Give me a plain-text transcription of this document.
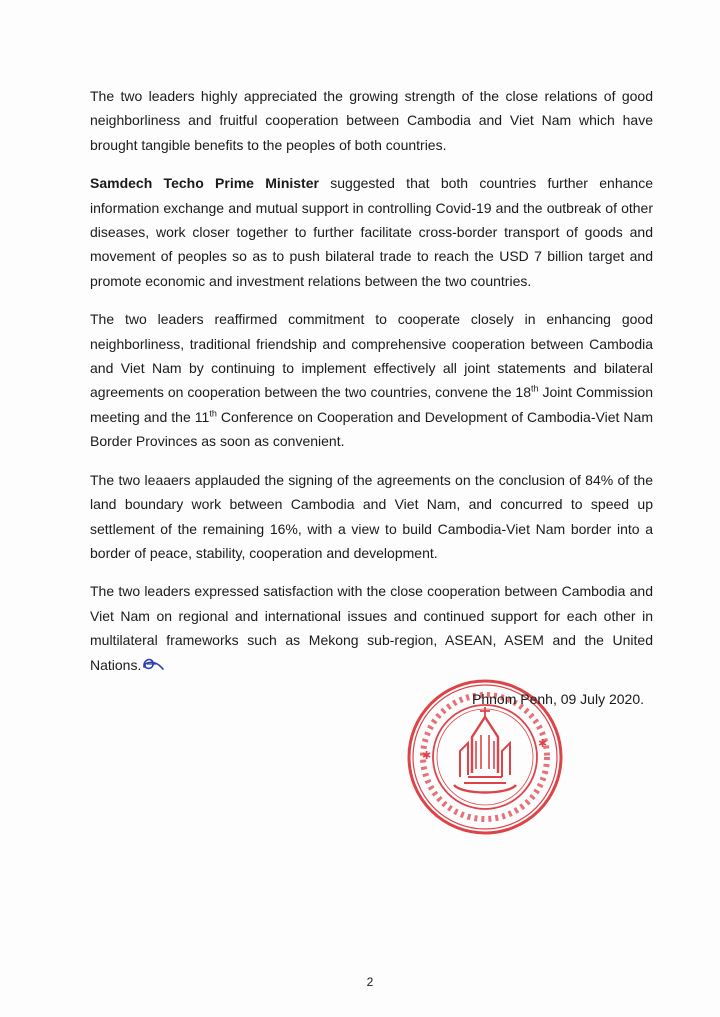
The two leaders highly appreciated the growing strength of the close relations of good neighborliness and fruitful cooperation between Cambodia and Viet Nam which have brought tangible benefits to the peoples of both countries.

Samdech Techo Prime Minister suggested that both countries further enhance information exchange and mutual support in controlling Covid-19 and the outbreak of other diseases, work closer together to further facilitate cross-border transport of goods and movement of peoples so as to push bilateral trade to reach the USD 7 billion target and promote economic and investment relations between the two countries.

The two leaders reaffirmed commitment to cooperate closely in enhancing good neighborliness, traditional friendship and comprehensive cooperation between Cambodia and Viet Nam by continuing to implement effectively all joint statements and bilateral agreements on cooperation between the two countries, convene the 18th Joint Commission meeting and the 11th Conference on Cooperation and Development of Cambodia-Viet Nam Border Provinces as soon as convenient.

The two leaaers applauded the signing of the agreements on the conclusion of 84% of the land boundary work between Cambodia and Viet Nam, and concurred to speed up settlement of the remaining 16%, with a view to build Cambodia-Viet Nam border into a border of peace, stability, cooperation and development.

The two leaders expressed satisfaction with the close cooperation between Cambodia and Viet Nam on regional and international issues and continued support for each other in multilateral frameworks such as Mekong sub-region, ASEAN, ASEM and the United Nations.

✱
✱
Phnom Penh, 09 July 2020.
2
